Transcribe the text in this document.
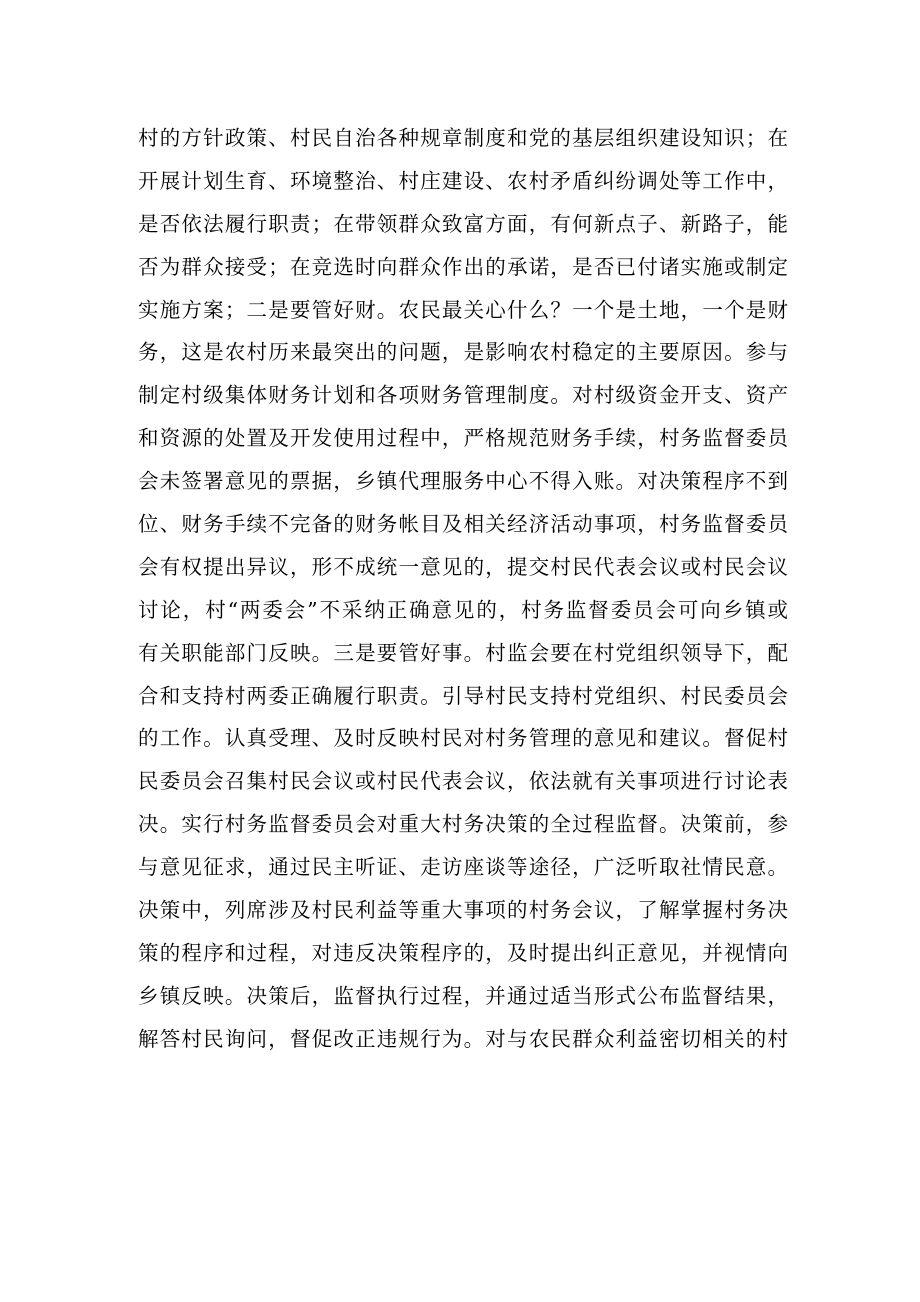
村的方针政策、村民自治各种规章制度和党的基层组织建设知识；在
开展计划生育、环境整治、村庄建设、农村矛盾纠纷调处等工作中，
是否依法履行职责；在带领群众致富方面，有何新点子、新路子，能
否为群众接受；在竞选时向群众作出的承诺，是否已付诸实施或制定
实施方案；二是要管好财。农民最关心什么？一个是土地，一个是财
务，这是农村历来最突出的问题，是影响农村稳定的主要原因。参与
制定村级集体财务计划和各项财务管理制度。对村级资金开支、资产
和资源的处置及开发使用过程中，严格规范财务手续，村务监督委员
会未签署意见的票据，乡镇代理服务中心不得入账。对决策程序不到
位、财务手续不完备的财务帐目及相关经济活动事项，村务监督委员
会有权提出异议，形不成统一意见的，提交村民代表会议或村民会议
讨论，村“两委会”不采纳正确意见的，村务监督委员会可向乡镇或
有关职能部门反映。三是要管好事。村监会要在村党组织领导下，配
合和支持村两委正确履行职责。引导村民支持村党组织、村民委员会
的工作。认真受理、及时反映村民对村务管理的意见和建议。督促村
民委员会召集村民会议或村民代表会议，依法就有关事项进行讨论表
决。实行村务监督委员会对重大村务决策的全过程监督。决策前，参
与意见征求，通过民主听证、走访座谈等途径，广泛听取社情民意。
决策中，列席涉及村民利益等重大事项的村务会议，了解掌握村务决
策的程序和过程，对违反决策程序的，及时提出纠正意见，并视情向
乡镇反映。决策后，监督执行过程，并通过适当形式公布监督结果，
解答村民询问，督促改正违规行为。对与农民群众利益密切相关的村
